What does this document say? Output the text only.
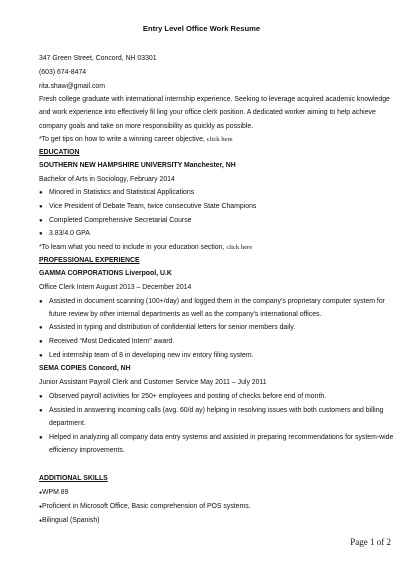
Entry Level Office Work Resume
347 Green Street, Concord, NH 03301
(603) 674-8474
rita.shaw@gmail.com
Fresh college graduate with international internship experience. Seeking to leverage acquired academic knowledge
and work experience into effectively fil ling your office clerk position. A dedicated worker aiming to help achieve
company goals and take on more responsibility as quickly as possible.
*To get tips on how to write a winning career objective, click here
EDUCATION
SOUTHERN NEW HAMPSHIRE UNIVERSITY Manchester, NH
Bachelor of Arts in Sociology, February 2014
● Minored in Statistics and Statistical Applications
● Vice President of Debate Team, twice consecutive State Champions
● Completed Comprehensive Secretarial Course
● 3.83/4.0 GPA
*To learn what you need to include in your education section, click here
PROFESSIONAL EXPERIENCE
GAMMA CORPORATIONS Liverpool, U.K
Office Clerk Intern August 2013 – December 2014
● Assisted in document scanning (100+/day) and logged them in the company’s proprietary computer system for
future review by other internal departments as well as the company’s international offices.
● Assisted in typing and distribution of confidential letters for senior members daily.
● Received “Most Dedicated Intern” award.
● Led internship team of 8 in developing new inv entory filing system.
SEMA COPIES Concord, NH
Junior Assistant Payroll Clerk and Customer Service May 2011 – July 2011
● Observed payroll activities for 250+ employees and posting of checks before end of month.
● Assisted in answering incoming calls (avg. 60/d ay) helping in resolving issues with both customers and billing
department.
● Helped in analyzing all company data entry systems and assisted in preparing recommendations for system-wide
efficiency improvements.
ADDITIONAL SKILLS
●WPM 89
●Proficient in Microsoft Office, Basic comprehension of POS systems.
●Bilingual (Spanish)
Page 1 of 2
